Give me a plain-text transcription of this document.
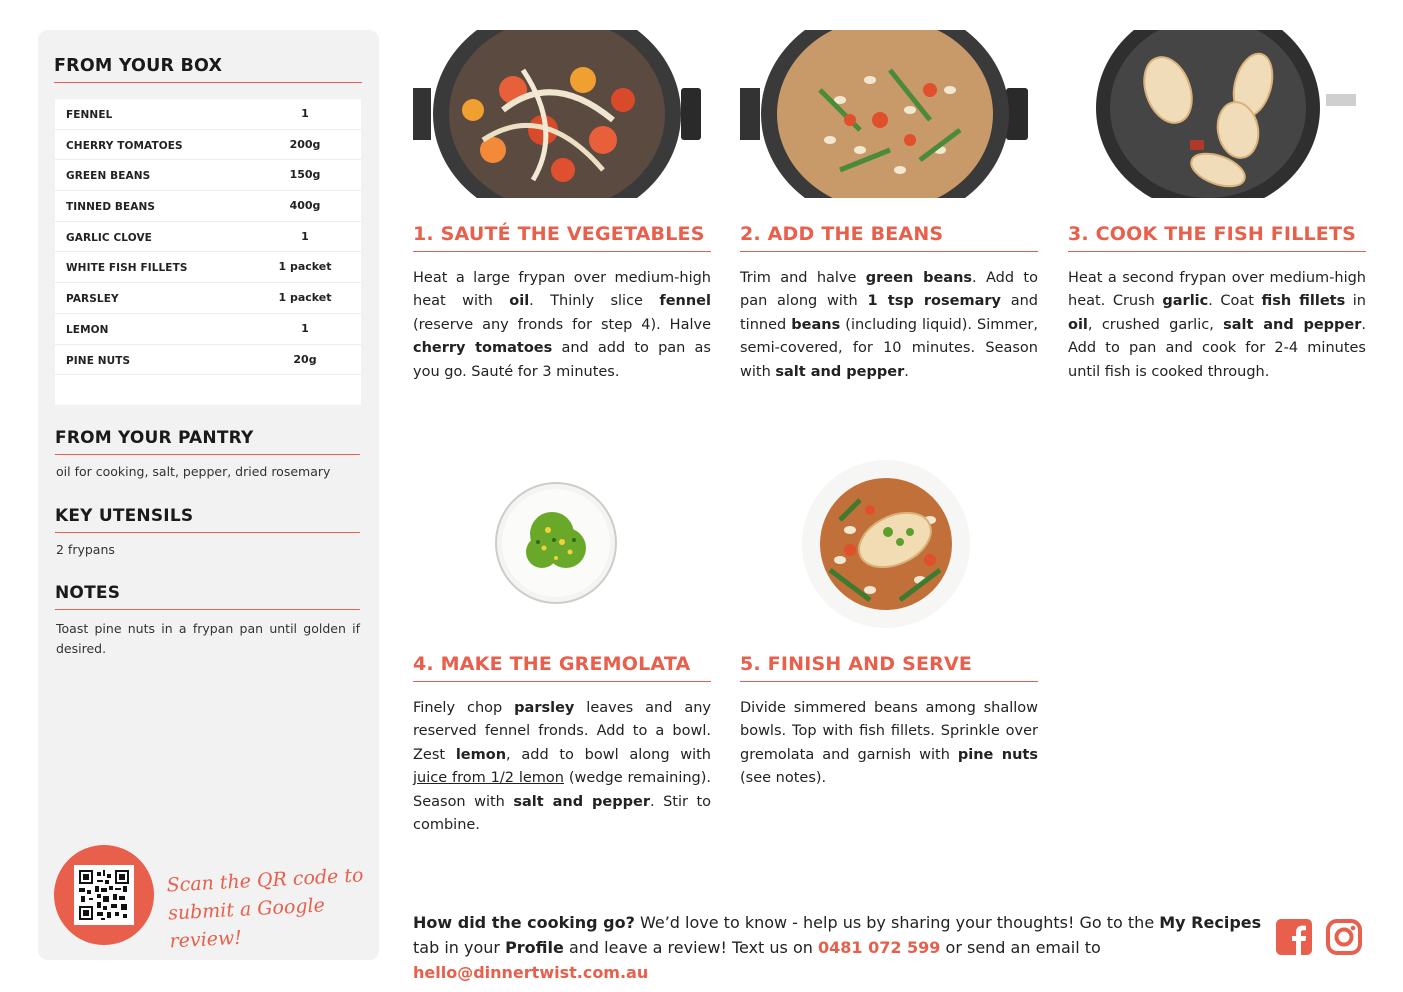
FROM YOUR BOX
FENNEL	1
CHERRY TOMATOES	200g
GREEN BEANS	150g
TINNED BEANS	400g
GARLIC CLOVE	1
WHITE FISH FILLETS	1 packet
PARSLEY	1 packet
LEMON	1
PINE NUTS	20g
FROM YOUR PANTRY
oil for cooking, salt, pepper, dried rosemary
KEY UTENSILS
2 frypans
NOTES
Toast pine nuts in a frypan pan until golden if desired.
Scan the QR code to
submit a Google review!
1. SAUTÉ THE VEGETABLES
Heat a large frypan over medium-high heat with oil. Thinly slice fennel (reserve any fronds for step 4). Halve cherry tomatoes and add to pan as you go. Sauté for 3 minutes.
2. ADD THE BEANS
Trim and halve green beans. Add to pan along with 1 tsp rosemary and tinned beans (including liquid). Simmer, semi-covered, for 10 minutes. Season with salt and pepper.
3. COOK THE FISH FILLETS
Heat a second frypan over medium-high heat. Crush garlic. Coat fish fillets in oil, crushed garlic, salt and pepper. Add to pan and cook for 2-4 minutes until fish is cooked through.
4. MAKE THE GREMOLATA
Finely chop parsley leaves and any reserved fennel fronds. Add to a bowl. Zest lemon, add to bowl along with juice from 1/2 lemon (wedge remaining). Season with salt and pepper. Stir to combine.
5. FINISH AND SERVE
Divide simmered beans among shallow bowls. Top with fish fillets. Sprinkle over gremolata and garnish with pine nuts (see notes).
How did the cooking go? We’d love to know - help us by sharing your thoughts! Go to the My Recipes tab in your Profile and leave a review! Text us on 0481 072 599 or send an email to hello@dinnertwist.com.au
